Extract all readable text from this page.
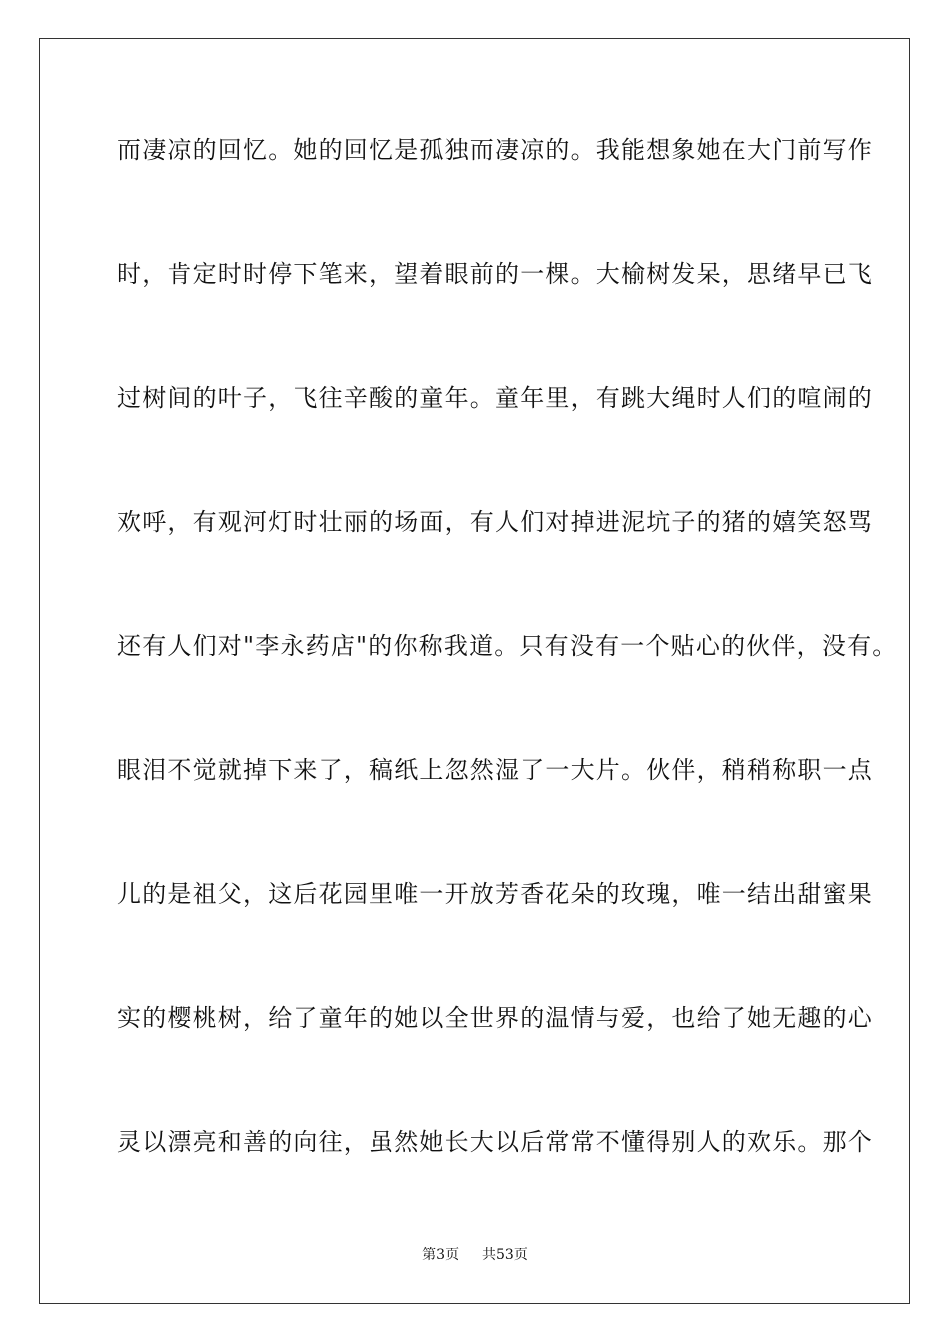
而凄凉的回忆。她的回忆是孤独而凄凉的。我能想象她在大门前写作
时，肯定时时停下笔来，望着眼前的一棵。大榆树发呆，思绪早已飞
过树间的叶子，飞往辛酸的童年。童年里，有跳大绳时人们的喧闹的
欢呼，有观河灯时壮丽的场面，有人们对掉进泥坑子的猪的嬉笑怒骂
还有人们对"李永药店"的你称我道。只有没有一个贴心的伙伴，没有。
眼泪不觉就掉下来了，稿纸上忽然湿了一大片。伙伴，稍稍称职一点
儿的是祖父，这后花园里唯一开放芳香花朵的玫瑰，唯一结出甜蜜果
实的樱桃树，给了童年的她以全世界的温情与爱，也给了她无趣的心
灵以漂亮和善的向往，虽然她长大以后常常不懂得别人的欢乐。那个
第3页 共53页
